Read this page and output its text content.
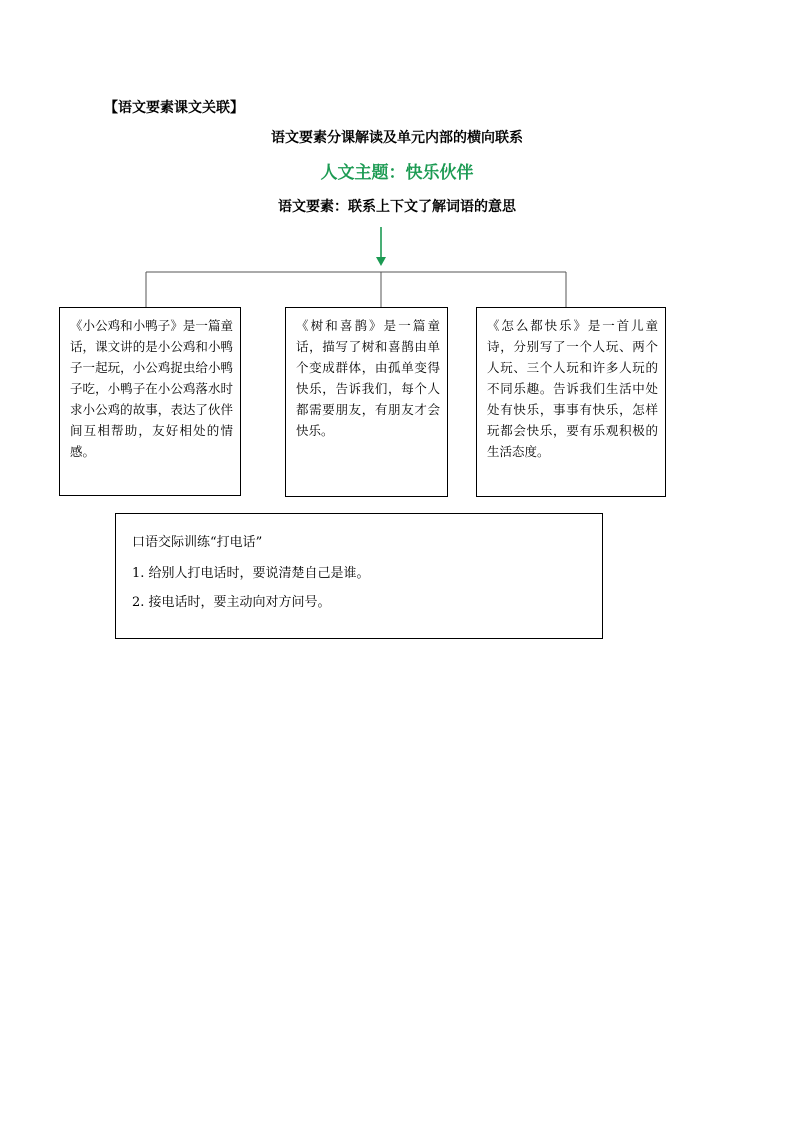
【语文要素课文关联】
语文要素分课解读及单元内部的横向联系
人文主题：快乐伙伴
语文要素：联系上下文了解词语的意思
《小公鸡和小鸭子》是一篇童话，课文讲的是小公鸡和小鸭子一起玩，小公鸡捉虫给小鸭子吃，小鸭子在小公鸡落水时求小公鸡的故事，表达了伙伴间互相帮助，友好相处的情感。
《树和喜鹊》是一篇童话，描写了树和喜鹊由单个变成群体，由孤单变得快乐，告诉我们，每个人都需要朋友，有朋友才会快乐。
《怎么都快乐》是一首儿童诗，分别写了一个人玩、两个人玩、三个人玩和许多人玩的不同乐趣。告诉我们生活中处处有快乐，事事有快乐，怎样玩都会快乐，要有乐观积极的生活态度。
口语交际训练“打电话”
1. 给别人打电话时，要说清楚自己是谁。
2. 接电话时，要主动向对方问号。
